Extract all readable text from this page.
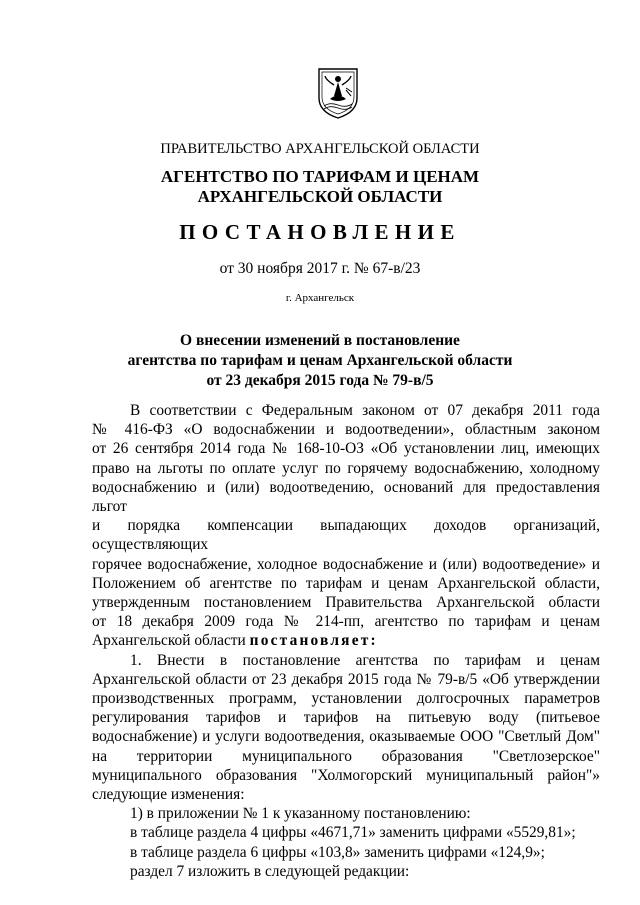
ПРАВИТЕЛЬСТВО АРХАНГЕЛЬСКОЙ ОБЛАСТИ
АГЕНТСТВО ПО ТАРИФАМ И ЦЕНАМ
АРХАНГЕЛЬСКОЙ ОБЛАСТИ
ПОСТАНОВЛЕНИЕ
от 30 ноября 2017 г. № 67-в/23
г. Архангельск
О внесении изменений в постановление
агентства по тарифам и ценам Архангельской области
от 23 декабря 2015 года № 79-в/5
В соответствии с Федеральным законом от 07 декабря 2011 года
№ 416-ФЗ «О водоснабжении и водоотведении», областным законом
от 26 сентября 2014 года № 168-10-ОЗ «Об установлении лиц, имеющих
право на льготы по оплате услуг по горячему водоснабжению, холодному
водоснабжению и (или) водоотведению, оснований для предоставления льгот
и порядка компенсации выпадающих доходов организаций, осуществляющих
горячее водоснабжение, холодное водоснабжение и (или) водоотведение» и
Положением об агентстве по тарифам и ценам Архангельской области,
утвержденным постановлением Правительства Архангельской области
от 18 декабря 2009 года № 214-пп, агентство по тарифам и ценам
Архангельской области постановляет:
1. Внести в постановление агентства по тарифам и ценам
Архангельской области от 23 декабря 2015 года № 79-в/5 «Об утверждении
производственных программ, установлении долгосрочных параметров
регулирования тарифов и тарифов на питьевую воду (питьевое
водоснабжение) и услуги водоотведения, оказываемые ООО "Светлый Дом"
на территории муниципального образования "Светлозерское"
муниципального образования "Холмогорский муниципальный район"»
следующие изменения:
1) в приложении № 1 к указанному постановлению:
в таблице раздела 4 цифры «4671,71» заменить цифрами «5529,81»;
в таблице раздела 6 цифры «103,8» заменить цифрами «124,9»;
раздел 7 изложить в следующей редакции:
